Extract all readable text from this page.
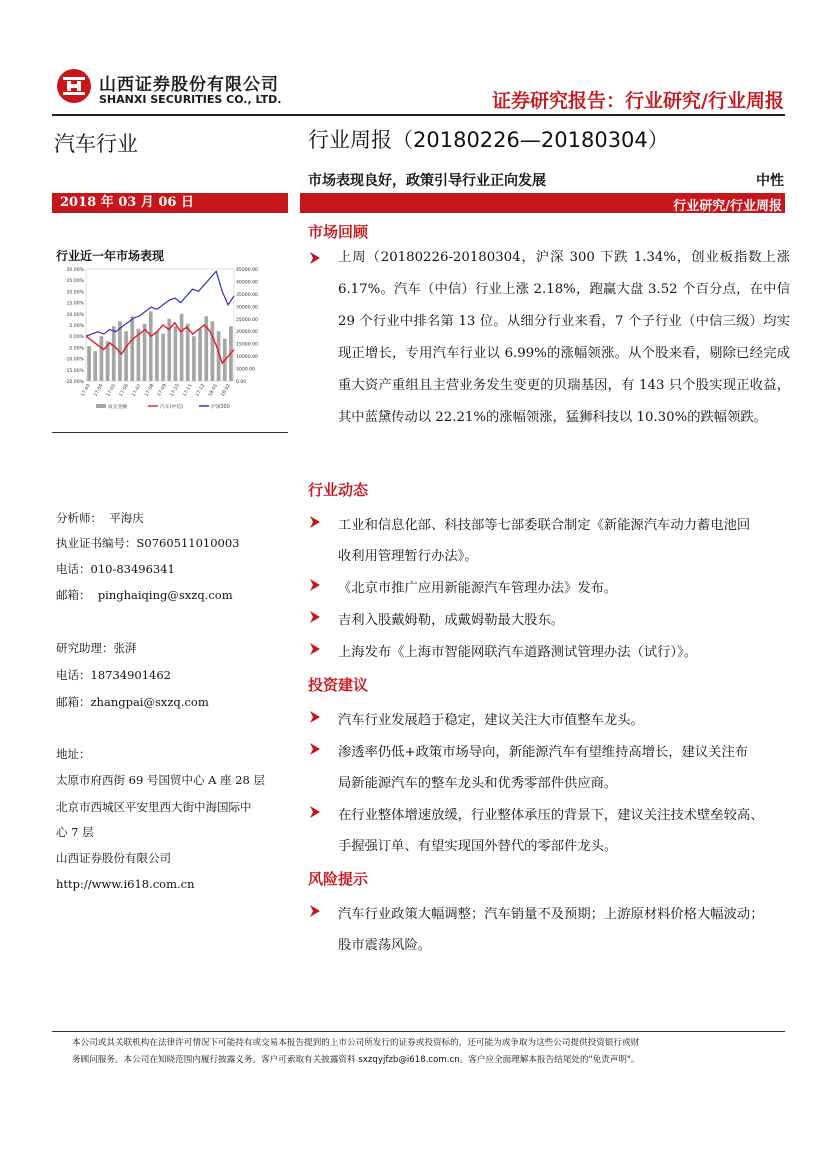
山西证券股份有限公司
SHANXI SECURITIES CO., LTD.	证券研究报告：行业研究/行业周报
汽车行业
2018 年 03 月 06 日
行业近一年市场表现
30.00%
25.00%
20.00%
15.00%
10.00%
5.00%
0.00%
-5.00%
-10.00%
-15.00%
-20.00%
45000.00
40000.00
35000.00
30000.00
25000.00
20000.00
15000.00
10000.00
5000.00
0.00
17-03 17-04 17-05 17-06 17-07 17-08 17-09 17-10 17-11 17-12 18-01 18-02
成交金额	汽车(中信)	沪深300
分析师： 平海庆
执业证书编号：S0760511010003
电话：010-83496341
邮箱： pinghaiqing@sxzq.com
研究助理：张湃
电话：18734901462
邮箱：zhangpai@sxzq.com
地址：
太原市府西街 69 号国贸中心 A 座 28 层
北京市西城区平安里西大街中海国际中
心 7 层
山西证券股份有限公司
http://www.i618.com.cn
行业周报（20180226—20180304）
市场表现良好，政策引导行业正向发展	中性
行业研究/行业周报
市场回顾
上周（20180226-20180304，沪深 300 下跌 1.34%，创业板指数上涨 6.17%。汽车（中信）行业上涨 2.18%，跑赢大盘 3.52 个百分点，在中信 29 个行业中排名第 13 位。从细分行业来看，7 个子行业（中信三级）均实现正增长，专用汽车行业以 6.99%的涨幅领涨。从个股来看，剔除已经完成重大资产重组且主营业务发生变更的贝瑞基因，有 143 只个股实现正收益，其中蓝黛传动以 22.21%的涨幅领涨，猛狮科技以 10.30%的跌幅领跌。
行业动态
工业和信息化部、科技部等七部委联合制定《新能源汽车动力蓄电池回
收利用管理暂行办法》。
《北京市推广应用新能源汽车管理办法》发布。
吉利入股戴姆勒，成戴姆勒最大股东。
上海发布《上海市智能网联汽车道路测试管理办法（试行）》。
投资建议
汽车行业发展趋于稳定，建议关注大市值整车龙头。
渗透率仍低+政策市场导向，新能源汽车有望维持高增长，建议关注布
局新能源汽车的整车龙头和优秀零部件供应商。
在行业整体增速放缓，行业整体承压的背景下，建议关注技术壁垒较高、
手握强订单、有望实现国外替代的零部件龙头。
风险提示
汽车行业政策大幅调整；汽车销量不及预期；上游原材料价格大幅波动；
股市震荡风险。
本公司或其关联机构在法律许可情况下可能持有或交易本报告提到的上市公司所发行的证券或投资标的，还可能为或争取为这些公司提供投资银行或财
务顾问服务。本公司在知晓范围内履行披露义务。客户可索取有关披露资料 sxzqyjfzb@i618.com.cn。客户应全面理解本报告结尾处的"免责声明"。
